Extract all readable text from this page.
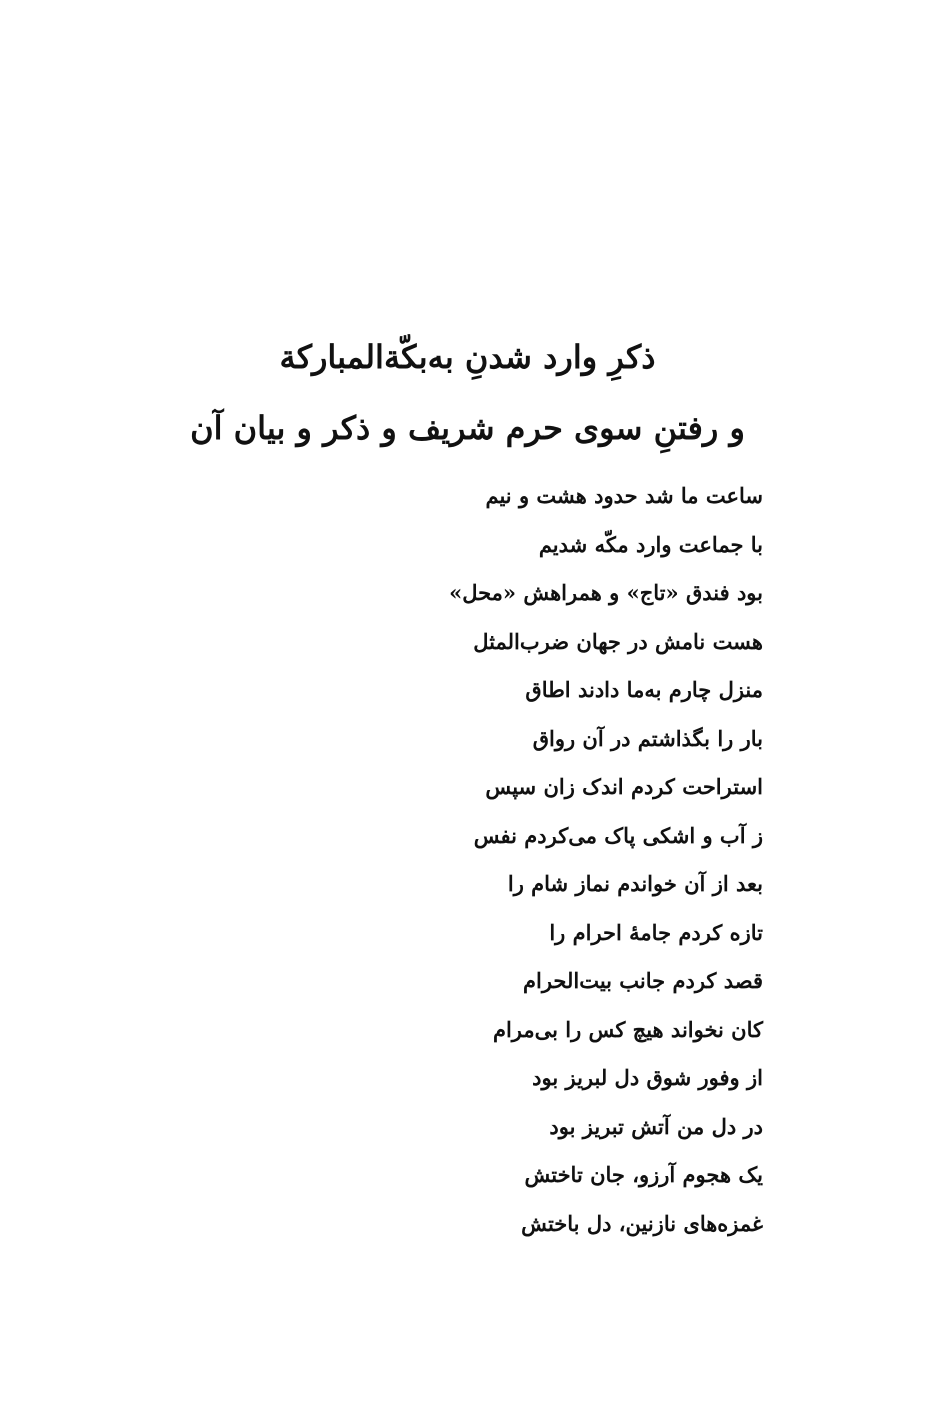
ذکرِ وارد شدنِ به‌بکّةالمبارکة
و رفتنِ سوی حرم شریف و ذکر و بیان آن
ساعت ما شد حدود هشت و نیم
با جماعت وارد مکّه شدیم
بود فندق «تاج» و همراهش «محل»
هست نامش در جهان ضرب‌المثل
منزل چارم به‌ما دادند اطاق
بار را بگذاشتم در آن رواق
استراحت کردم اندک زان سپس
ز آب و اشکی پاک می‌کردم نفس
بعد از آن خواندم نماز شام را
تازه کردم جامهٔ احرام را
قصد کردم جانب بیت‌الحرام
کان نخواند هیچ کس را بی‌مرام
از وفور شوق دل لبریز بود
در دل من آتش تبریز بود
یک هجوم آرزو، جان تاختش
غمزه‌های نازنین، دل باختش
